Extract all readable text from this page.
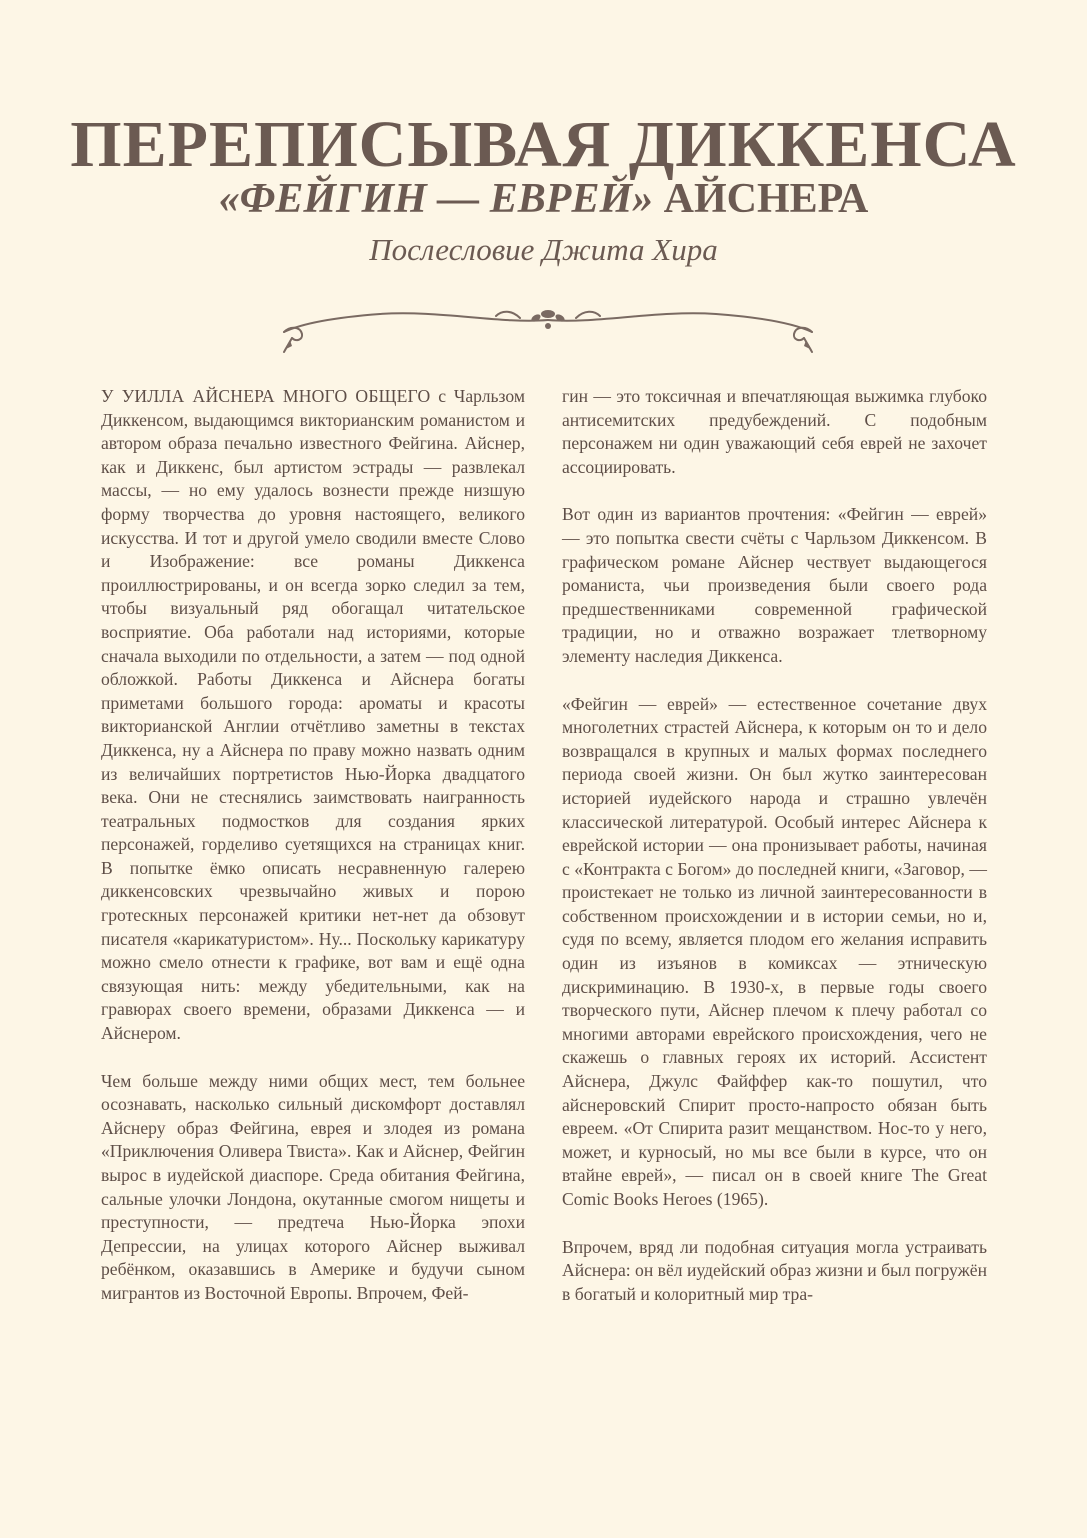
ПЕРЕПИСЫВАЯ ДИККЕНСА
«ФЕЙГИН — ЕВРЕЙ» АЙСНЕРА
Послесловие Джита Хира

У УИЛЛА АЙСНЕРА МНОГО ОБЩЕГО с Чарльзом Диккенсом, выдающимся викторианским романистом и автором образа печально известного Фейгина. Айснер, как и Диккенс, был артистом эстрады — развлекал массы, — но ему удалось вознести прежде низшую форму творчества до уровня настоящего, великого искусства. И тот и другой умело сводили вместе Слово и Изображение: все романы Диккенса проиллюстрированы, и он всегда зорко следил за тем, чтобы визуальный ряд обогащал читательское восприятие. Оба работали над историями, которые сначала выходили по отдельности, а затем — под одной обложкой. Работы Диккенса и Айснера богаты приметами большого города: ароматы и красоты викторианской Англии отчётливо заметны в текстах Диккенса, ну а Айснера по праву можно назвать одним из величайших портретистов Нью-Йорка двадцатого века. Они не стеснялись заимствовать наигранность театральных подмостков для создания ярких персонажей, горделиво суетящихся на страницах книг. В попытке ёмко описать несравненную галерею диккенсовских чрезвычайно живых и порою гротескных персонажей критики нет-нет да обзовут писателя «карикатуристом». Ну... Поскольку карикатуру можно смело отнести к графике, вот вам и ещё одна связующая нить: между убедительными, как на гравюрах своего времени, образами Диккенса — и Айснером.

Чем больше между ними общих мест, тем больнее осознавать, насколько сильный дискомфорт доставлял Айснеру образ Фейгина, еврея и злодея из романа «Приключения Оливера Твиста». Как и Айснер, Фейгин вырос в иудейской диаспоре. Среда обитания Фейгина, сальные улочки Лондона, окутанные смогом нищеты и преступности, — предтеча Нью-Йорка эпохи Депрессии, на улицах которого Айснер выживал ребёнком, оказавшись в Америке и будучи сыном мигрантов из Восточной Европы. Впрочем, Фей-

гин — это токсичная и впечатляющая выжимка глубоко антисемитских предубеждений. С подобным персонажем ни один уважающий себя еврей не захочет ассоциировать.

Вот один из вариантов прочтения: «Фейгин — еврей» — это попытка свести счёты с Чарльзом Диккенсом. В графическом романе Айснер чествует выдающегося романиста, чьи произведения были своего рода предшественниками современной графической традиции, но и отважно возражает тлетворному элементу наследия Диккенса.

«Фейгин — еврей» — естественное сочетание двух многолетних страстей Айснера, к которым он то и дело возвращался в крупных и малых формах последнего периода своей жизни. Он был жутко заинтересован историей иудейского народа и страшно увлечён классической литературой. Особый интерес Айснера к еврейской истории — она пронизывает работы, начиная с «Контракта с Богом» до последней книги, «Заговор, — проистекает не только из личной заинтересованности в собственном происхождении и в истории семьи, но и, судя по всему, является плодом его желания исправить один из изъянов в комиксах — этническую дискриминацию. В 1930-х, в первые годы своего творческого пути, Айснер плечом к плечу работал со многими авторами еврейского происхождения, чего не скажешь о главных героях их историй. Ассистент Айснера, Джулс Файффер как-то пошутил, что айснеровский Спирит просто-напросто обязан быть евреем. «От Спирита разит мещанством. Нос-то у него, может, и курносый, но мы все были в курсе, что он втайне еврей», — писал он в своей книге The Great Comic Books Heroes (1965).

Впрочем, вряд ли подобная ситуация могла устраивать Айснера: он вёл иудейский образ жизни и был погружён в богатый и колоритный мир тра-
